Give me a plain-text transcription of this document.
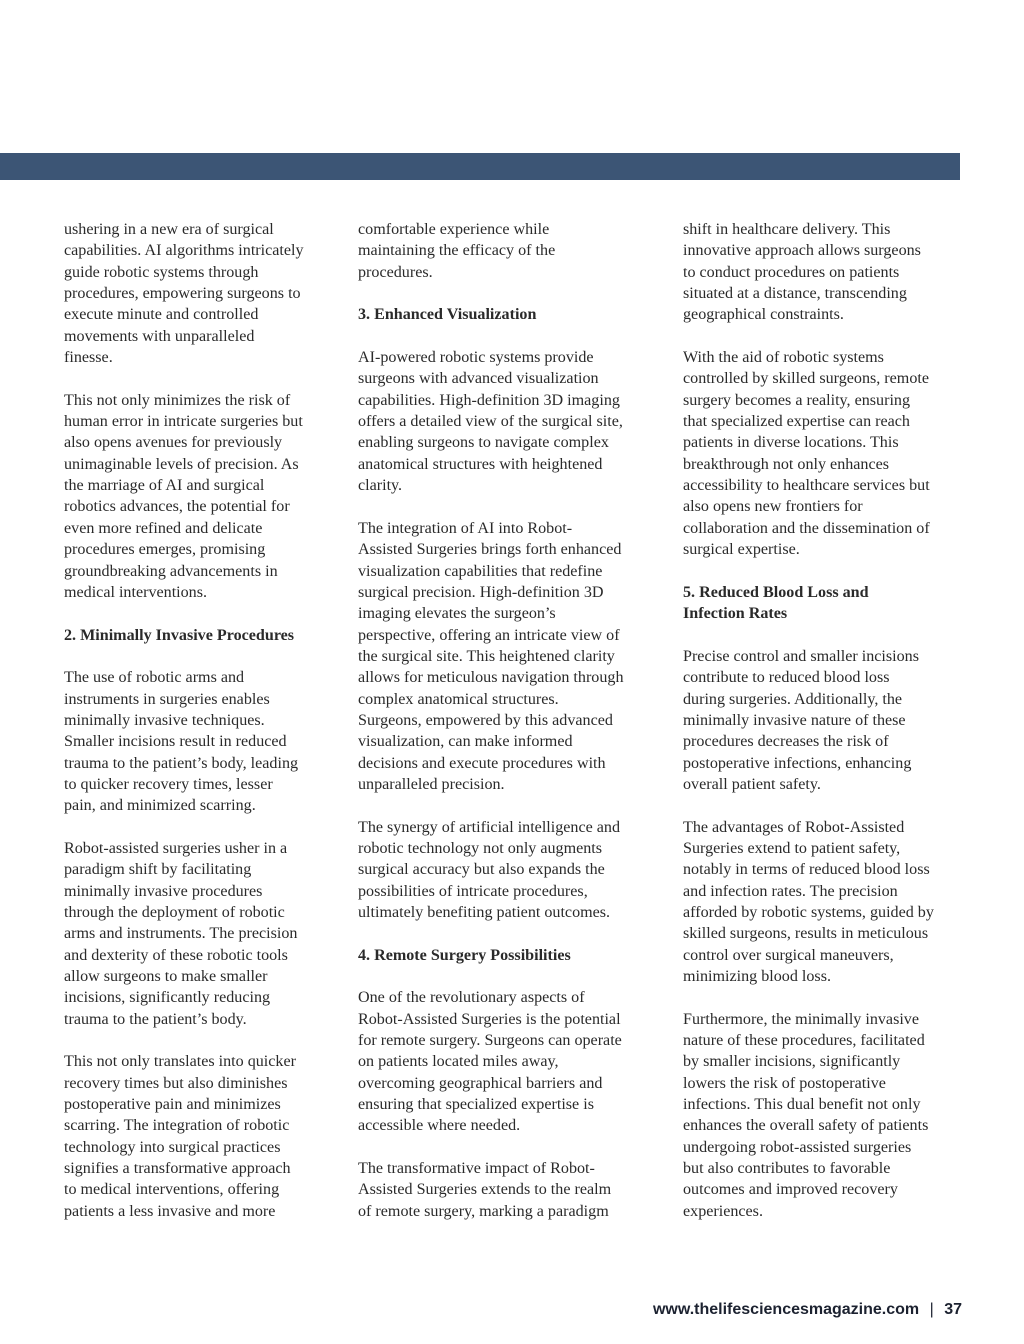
ushering in a new era of surgical
capabilities. AI algorithms intricately
guide robotic systems through
procedures, empowering surgeons to
execute minute and controlled
movements with unparalleled
finesse.

This not only minimizes the risk of
human error in intricate surgeries but
also opens avenues for previously
unimaginable levels of precision. As
the marriage of AI and surgical
robotics advances, the potential for
even more refined and delicate
procedures emerges, promising
groundbreaking advancements in
medical interventions.

2. Minimally Invasive Procedures

The use of robotic arms and
instruments in surgeries enables
minimally invasive techniques.
Smaller incisions result in reduced
trauma to the patient’s body, leading
to quicker recovery times, lesser
pain, and minimized scarring.

Robot-assisted surgeries usher in a
paradigm shift by facilitating
minimally invasive procedures
through the deployment of robotic
arms and instruments. The precision
and dexterity of these robotic tools
allow surgeons to make smaller
incisions, significantly reducing
trauma to the patient’s body.

This not only translates into quicker
recovery times but also diminishes
postoperative pain and minimizes
scarring. The integration of robotic
technology into surgical practices
signifies a transformative approach
to medical interventions, offering
patients a less invasive and more

comfortable experience while
maintaining the efficacy of the
procedures.

3. Enhanced Visualization

AI-powered robotic systems provide
surgeons with advanced visualization
capabilities. High-definition 3D imaging
offers a detailed view of the surgical site,
enabling surgeons to navigate complex
anatomical structures with heightened
clarity.

The integration of AI into Robot-
Assisted Surgeries brings forth enhanced
visualization capabilities that redefine
surgical precision. High-definition 3D
imaging elevates the surgeon’s
perspective, offering an intricate view of
the surgical site. This heightened clarity
allows for meticulous navigation through
complex anatomical structures.
Surgeons, empowered by this advanced
visualization, can make informed
decisions and execute procedures with
unparalleled precision.

The synergy of artificial intelligence and
robotic technology not only augments
surgical accuracy but also expands the
possibilities of intricate procedures,
ultimately benefiting patient outcomes.

4. Remote Surgery Possibilities

One of the revolutionary aspects of
Robot-Assisted Surgeries is the potential
for remote surgery. Surgeons can operate
on patients located miles away,
overcoming geographical barriers and
ensuring that specialized expertise is
accessible where needed.

The transformative impact of Robot-
Assisted Surgeries extends to the realm
of remote surgery, marking a paradigm

shift in healthcare delivery. This
innovative approach allows surgeons
to conduct procedures on patients
situated at a distance, transcending
geographical constraints.

With the aid of robotic systems
controlled by skilled surgeons, remote
surgery becomes a reality, ensuring
that specialized expertise can reach
patients in diverse locations. This
breakthrough not only enhances
accessibility to healthcare services but
also opens new frontiers for
collaboration and the dissemination of
surgical expertise.

5. Reduced Blood Loss and
Infection Rates

Precise control and smaller incisions
contribute to reduced blood loss
during surgeries. Additionally, the
minimally invasive nature of these
procedures decreases the risk of
postoperative infections, enhancing
overall patient safety.

The advantages of Robot-Assisted
Surgeries extend to patient safety,
notably in terms of reduced blood loss
and infection rates. The precision
afforded by robotic systems, guided by
skilled surgeons, results in meticulous
control over surgical maneuvers,
minimizing blood loss.

Furthermore, the minimally invasive
nature of these procedures, facilitated
by smaller incisions, significantly
lowers the risk of postoperative
infections. This dual benefit not only
enhances the overall safety of patients
undergoing robot-assisted surgeries
but also contributes to favorable
outcomes and improved recovery
experiences.

www.thelifesciencesmagazine.com | 37
